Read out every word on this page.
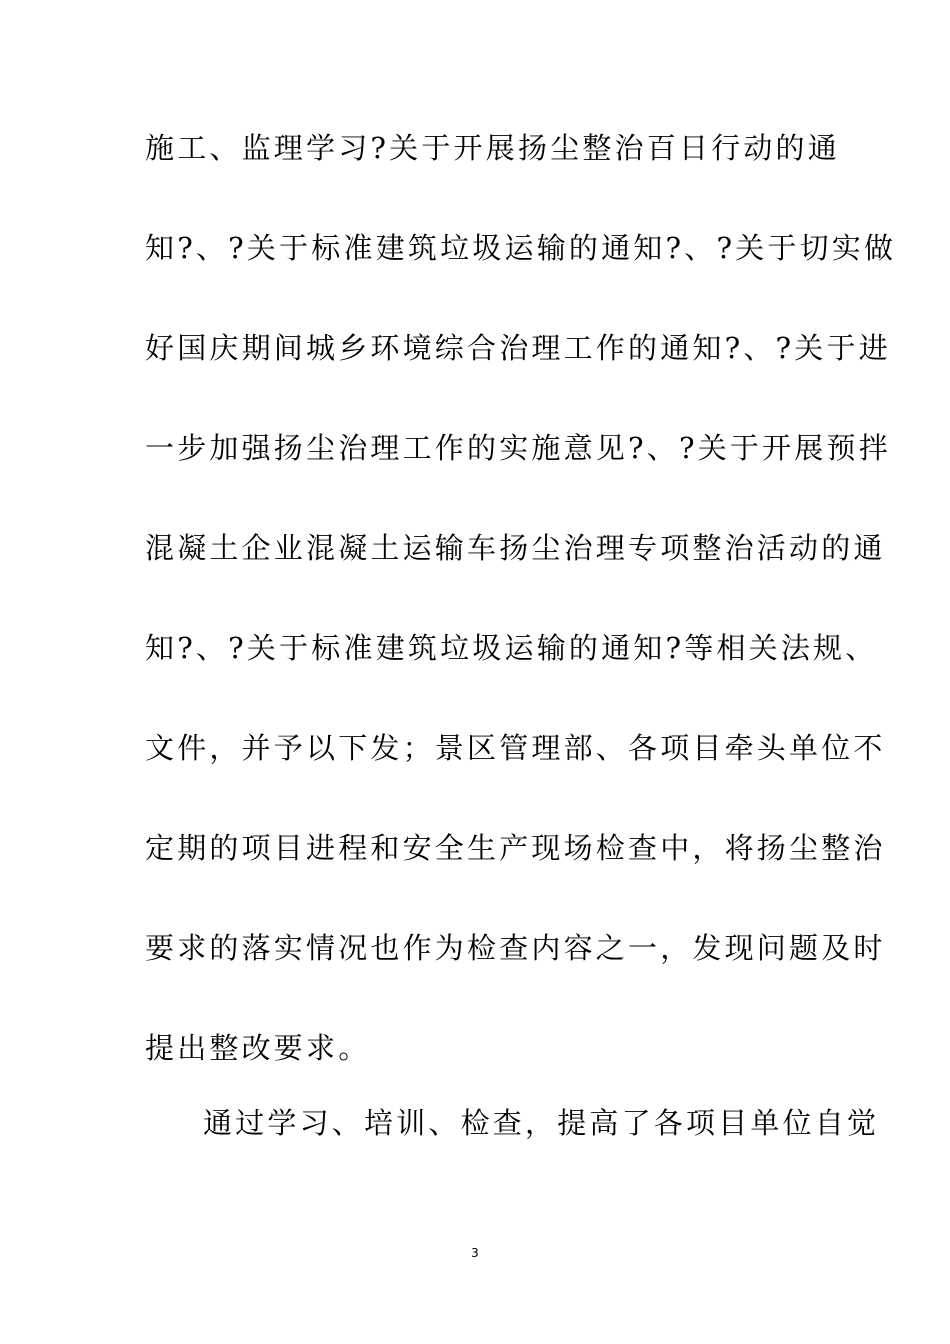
施工、监理学习?关于开展扬尘整治百日行动的通
知?、?关于标准建筑垃圾运输的通知?、?关于切实做
好国庆期间城乡环境综合治理工作的通知?、?关于进
一步加强扬尘治理工作的实施意见?、?关于开展预拌
混凝土企业混凝土运输车扬尘治理专项整治活动的通
知?、?关于标准建筑垃圾运输的通知?等相关法规、
文件，并予以下发；景区管理部、各项目牵头单位不
定期的项目进程和安全生产现场检查中，将扬尘整治
要求的落实情况也作为检查内容之一，发现问题及时
提出整改要求。
通过学习、培训、检查，提高了各项目单位自觉
3
